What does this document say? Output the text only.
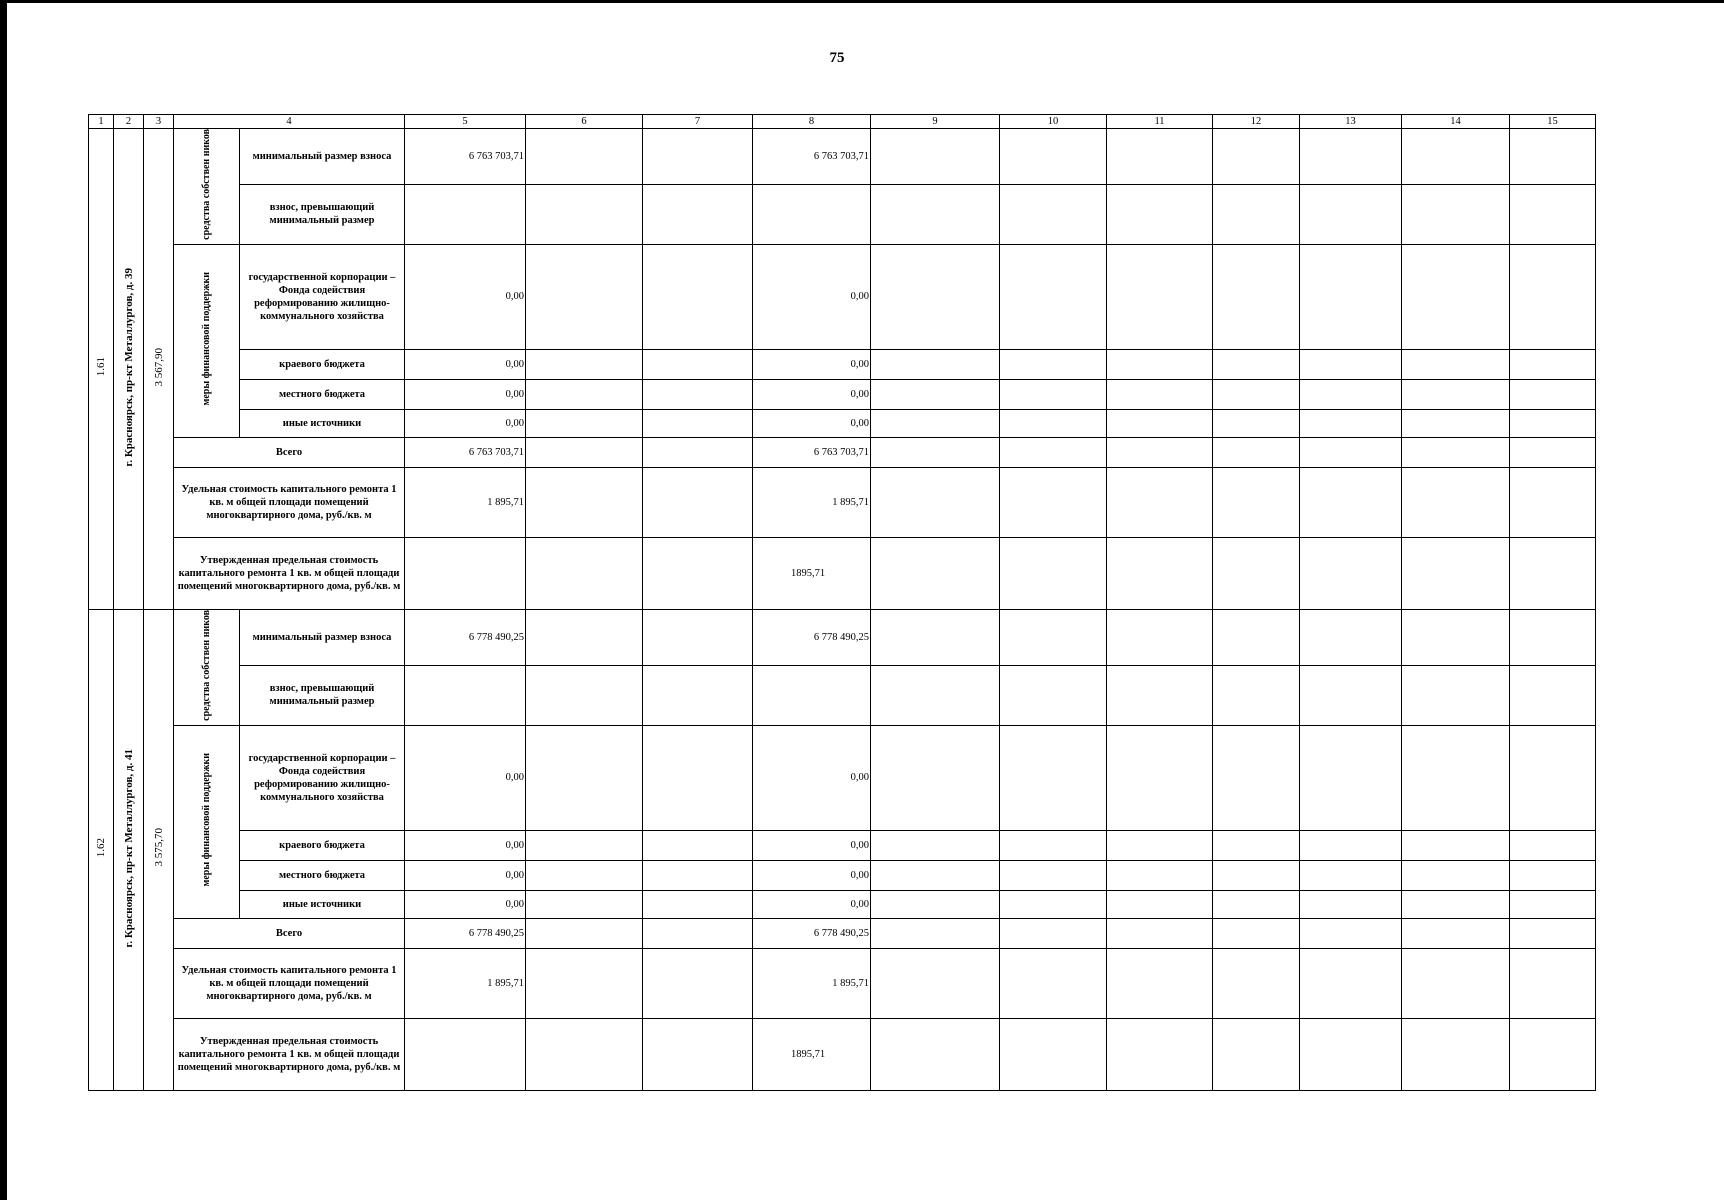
75
1	2	3	4		5	6	7	8	9	10	11	12	13	14	15
1.61	г. Красноярск, пр-кт Металлургов, д. 39	3 567,90	средства собствен ников	минимальный размер взноса	6 763 703,71			6 763 703,71							
				взнос, превышающий минимальный размер											
			меры финансовой поддержки	государственной корпорации – Фонда содействия реформированию жилищно-коммунального хозяйства	0,00			0,00							
				краевого бюджета	0,00			0,00							
				местного бюджета	0,00			0,00							
				иные источники	0,00			0,00							
			Всего		6 763 703,71			6 763 703,71							
			Удельная стоимость капитального ремонта 1 кв. м общей площади помещений многоквартирного дома, руб./кв. м		1 895,71			1 895,71							
			Утвержденная предельная стоимость капитального ремонта 1 кв. м общей площади помещений многоквартирного дома, руб./кв. м					1895,71							
1.62	г. Красноярск, пр-кт Металлургов, д. 41	3 575,70	средства собствен ников	минимальный размер взноса	6 778 490,25			6 778 490,25							
				взнос, превышающий минимальный размер											
			меры финансовой поддержки	государственной корпорации – Фонда содействия реформированию жилищно-коммунального хозяйства	0,00			0,00							
				краевого бюджета	0,00			0,00							
				местного бюджета	0,00			0,00							
				иные источники	0,00			0,00							
			Всего		6 778 490,25			6 778 490,25							
			Удельная стоимость капитального ремонта 1 кв. м общей площади помещений многоквартирного дома, руб./кв. м		1 895,71			1 895,71							
			Утвержденная предельная стоимость капитального ремонта 1 кв. м общей площади помещений многоквартирного дома, руб./кв. м					1895,71							
